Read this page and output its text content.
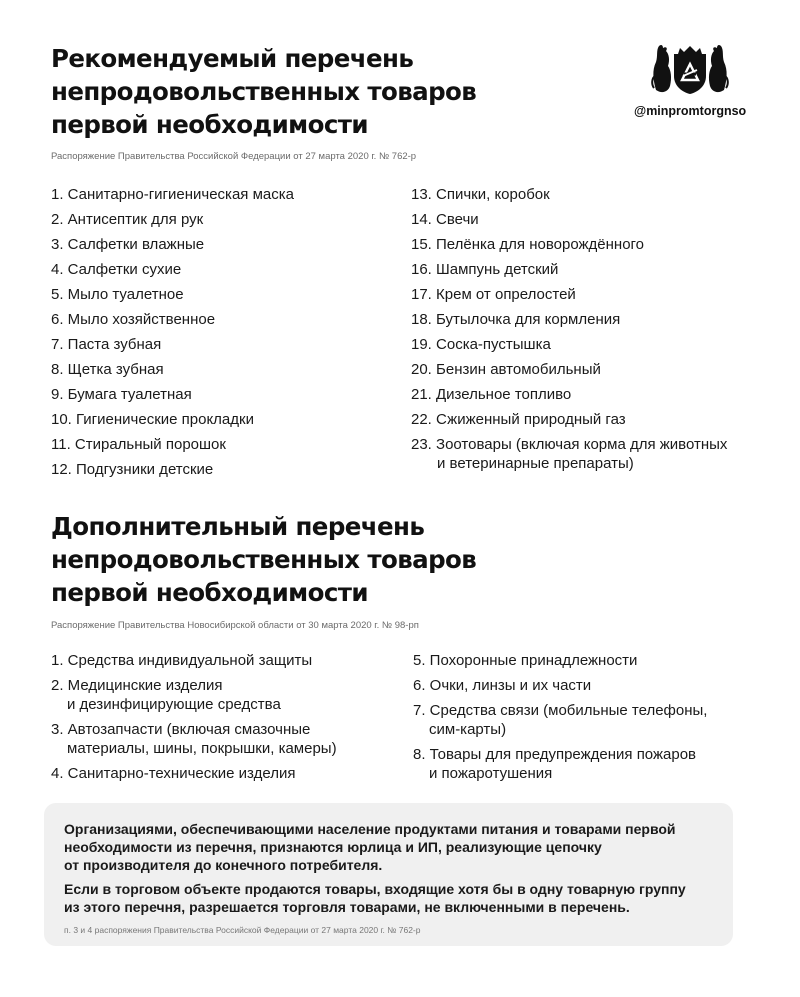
Рекомендуемый перечень
непродовольственных товаров
первой необходимости	@minpromtorgnso
Распоряжение Правительства Российской Федерации от 27 марта 2020 г. № 762-р
1. Санитарно-гигиеническая маска
2. Антисептик для рук
3. Салфетки влажные
4. Салфетки сухие
5. Мыло туалетное
6. Мыло хозяйственное
7. Паста зубная
8. Щетка зубная
9. Бумага туалетная
10. Гигиенические прокладки
11. Стиральный порошок
12. Подгузники детские
13. Спички, коробок
14. Свечи
15. Пелёнка для новорождённого
16. Шампунь детский
17. Крем от опрелостей
18. Бутылочка для кормления
19. Соска-пустышка
20. Бензин автомобильный
21. Дизельное топливо
22. Сжиженный природный газ
23. Зоотовары (включая корма для животных
и ветеринарные препараты)
Дополнительный перечень
непродовольственных товаров
первой необходимости
Распоряжение Правительства Новосибирской области от 30 марта 2020 г. № 98-рп
1. Средства индивидуальной защиты
2. Медицинские изделия
и дезинфицирующие средства
3. Автозапчасти (включая смазочные
материалы, шины, покрышки, камеры)
4. Санитарно-технические изделия
5. Похоронные принадлежности
6. Очки, линзы и их части
7. Средства связи (мобильные телефоны,
сим-карты)
8. Товары для предупреждения пожаров
и пожаротушения

Организациями, обеспечивающими население продуктами питания и товарами первой
необходимости из перечня, признаются юрлица и ИП, реализующие цепочку
от производителя до конечного потребителя.

Если в торговом объекте продаются товары, входящие хотя бы в одну товарную группу
из этого перечня, разрешается торговля товарами, не включенными в перечень.

п. 3 и 4 распоряжения Правительства Российской Федерации от 27 марта 2020 г. № 762-р
